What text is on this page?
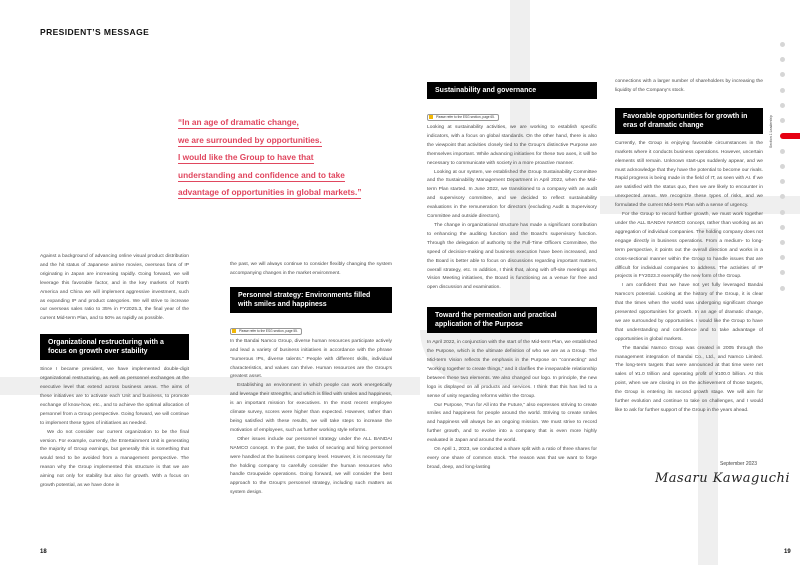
PRESIDENT’S MESSAGE
“In an age of dramatic change,
we are surrounded by opportunities.
I would like the Group to have that
understanding and confidence and to take
advantage of opportunities in global markets.”

Against a background of advancing online visual product distribution and the hit status of Japanese anime movies, overseas fans of IP originating in Japan are increasing rapidly. Going forward, we will leverage this favorable factor, and in the key markets of North America and China we will implement aggressive investment, such as expanding IP and product categories. We will strive to increase our overseas sales ratio to 35% in FY2025.3, the final year of the current Mid-term Plan, and to 50% as rapidly as possible.

Organizational restructuring with a focus on growth over stability

Since I became president, we have implemented double-digit organizational restructuring, as well as personnel exchanges at the executive level that extend across business areas. The aims of these initiatives are to activate each Unit and business, to promote exchange of know-how, etc., and to achieve the optimal allocation of personnel from a Group perspective. Going forward, we will continue to implement these types of initiatives as needed.

We do not consider our current organization to be the final version. For example, currently, the Entertainment Unit is generating the majority of Group earnings, but generally this is something that would tend to be avoided from a management perspective. The reason why the Group implemented this structure is that we are aiming not only for stability but also for growth. With a focus on growth potential, as we have done in

the past, we will always continue to consider flexibly changing the system accompanying changes in the market environment.

Personnel strategy: Environments filled with smiles and happiness
Please refer to the ESG section, page 55.

In the Bandai Namco Group, diverse human resources participate actively and lead a variety of business initiatives in accordance with the phrase “numerous IPs, diverse talents.” People with different skills, individual characteristics, and values can thrive. Human resources are the Group’s greatest asset.

Establishing an environment in which people can work energetically and leverage their strengths, and which is filled with smiles and happiness, is an important mission for executives. In the most recent employee climate survey, scores were higher than expected. However, rather than being satisfied with these results, we will take steps to increase the motivation of employees, such as further working style reforms.

Other issues include our personnel strategy under the ALL BANDAI NAMCO concept. In the past, the tasks of securing and hiring personnel were handled at the business company level. However, it is necessary for the holding company to carefully consider the human resources who handle Groupwide operations. Going forward, we will consider the best approach to the Group’s personnel strategy, including such matters as system design.

Sustainability and governance
Please refer to the ESG section, page 65.

Looking at sustainability activities, we are working to establish specific indicators, with a focus on global standards. On the other hand, there is also the viewpoint that activities closely tied to the Group’s distinctive Purpose are themselves important. While advancing initiatives for these two axes, it will be necessary to communicate with society in a more proactive manner.

Looking at our system, we established the Group Sustainability Committee and the Sustainability Management Department in April 2022, when the Mid-term Plan started. In June 2022, we transitioned to a company with an audit and supervisory committee, and we decided to reflect sustainability evaluations in the remuneration for directors (excluding Audit & Supervisory Committee and outside directors).

The change in organizational structure has made a significant contribution to enhancing the auditing function and the Board’s supervisory function. Through the delegation of authority to the Full-Time Officers Committee, the speed of decision-making and business execution have been increased, and the Board is better able to focus on discussions regarding important matters, overall strategy, etc. In addition, I think that, along with off-site meetings and Vision Meeting initiatives, the Board is functioning as a venue for free and open discussion and examination.

Toward the permeation and practical application of the Purpose

In April 2022, in conjunction with the start of the Mid-term Plan, we established the Purpose, which is the ultimate definition of who we are as a Group. The Mid-term Vision reflects the emphasis in the Purpose on “connecting” and “working together to create things,” and it clarifies the inseparable relationship between these two elements. We also changed our logo. In principle, the new logo is displayed on all products and services. I think that this has led to a sense of unity regarding reforms within the Group.

Our Purpose, “Fun for All into the Future,” also expresses striving to create smiles and happiness for people around the world. Striving to create smiles and happiness will always be an ongoing mission. We must strive to record further growth, and to evolve into a company that is even more highly evaluated in Japan and around the world.

On April 1, 2023, we conducted a share split with a ratio of three shares for every one share of common stock. The reason was that we want to forge broad, deep, and long-lasting

connections with a larger number of shareholders by increasing the liquidity of the Company’s stock.

Favorable opportunities for growth in eras of dramatic change

Currently, the Group is enjoying favorable circumstances in the markets where it conducts business operations. However, uncertain elements still remain. Unknown start-ups suddenly appear, and we must acknowledge that they have the potential to become our rivals. Rapid progress is being made in the field of IT, as seen with AI. If we are satisfied with the status quo, then we are likely to encounter in unexpected areas. We recognize these types of risks, and we formulated the current Mid-term Plan with a sense of urgency.

For the Group to record further growth, we must work together under the ALL BANDAI NAMCO concept, rather than working as an aggregation of individual companies. The holding company does not engage directly in business operations. From a medium- to long-term perspective, it points out the overall direction and works in a cross-sectional manner within the Group to handle issues that are difficult for individual companies to address. The activities of IP projects in FY2023.3 exemplify the new form of the Group.

I am confident that we have not yet fully leveraged Bandai Namco’s potential. Looking at the history of the Group, it is clear that the times when the world was undergoing significant change presented opportunities for growth. In an age of dramatic change, we are surrounded by opportunities. I would like the Group to have that understanding and confidence and to take advantage of opportunities in global markets.

The Bandai Namco Group was created in 2005 through the management integration of Bandai Co., Ltd., and Namco Limited. The long-term targets that were announced at that time were net sales of ¥1.0 trillion and operating profit of ¥100.0 billion. At this point, when we are closing in on the achievement of those targets, the Group is entering its second growth stage. We will aim for further evolution and continue to take on challenges, and I would like to ask for further support of the Group in the years ahead.

September 2023
Masaru Kawaguchi
18	19
Section 1 Leadership
